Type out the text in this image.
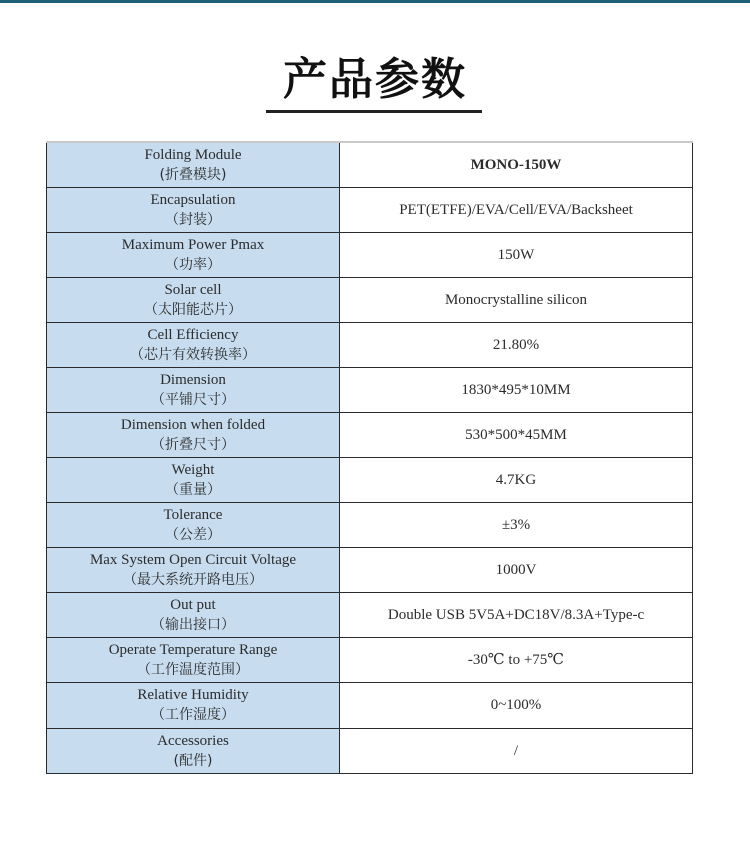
产品参数
Folding Module
(折叠模块)	MONO-150W

Encapsulation
（封装）	PET(ETFE)/EVA/Cell/EVA/Backsheet

Maximum Power Pmax
（功率）	150W

Solar cell
（太阳能芯片）	Monocrystalline silicon

Cell Efficiency
（芯片有效转换率）	21.80%

Dimension
（平铺尺寸）	1830*495*10MM

Dimension when folded
（折叠尺寸）	530*500*45MM

Weight
（重量）	4.7KG

Tolerance
（公差）	±3%

Max System Open Circuit Voltage
（最大系统开路电压）	1000V

Out put
（输出接口）	Double USB 5V5A+DC18V/8.3A+Type-c

Operate Temperature Range
（工作温度范围）	-30℃ to +75℃

Relative Humidity
（工作湿度）	0~100%

Accessories
(配件)	/
